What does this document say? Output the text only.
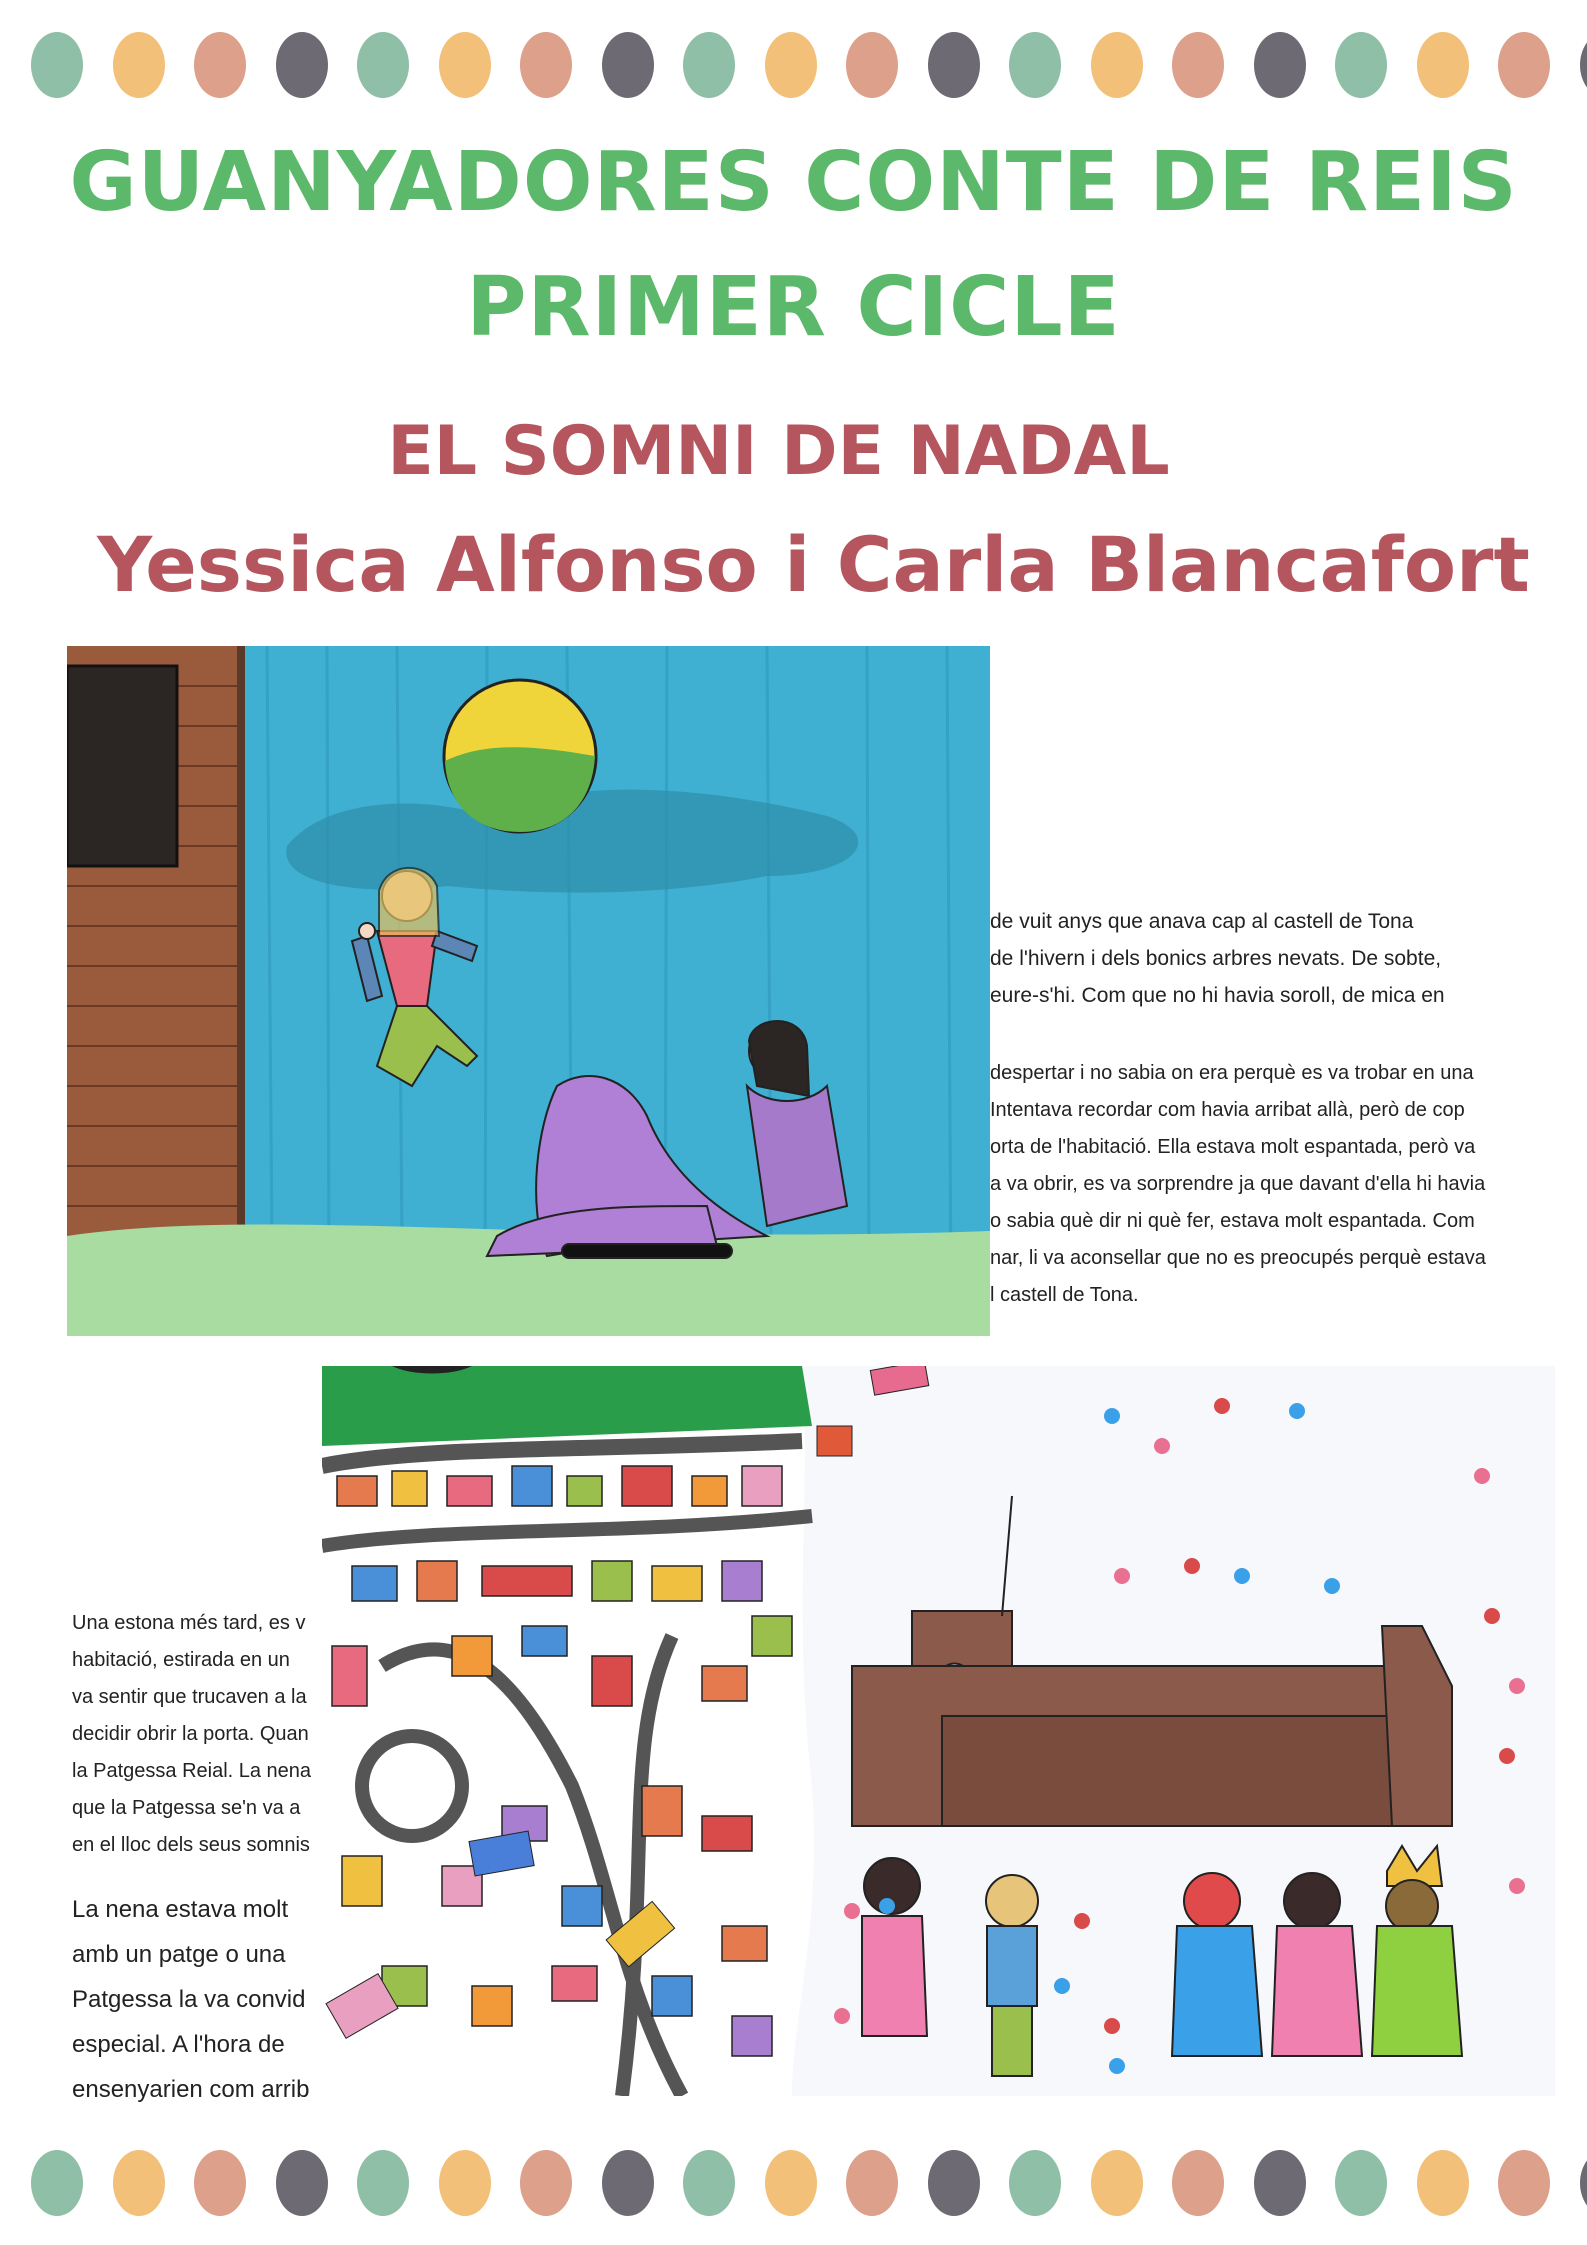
GUANYADORES CONTE DE REIS
PRIMER CICLE
EL SOMNI DE NADAL
Yessica Alfonso i Carla Blancafort
de vuit anys que anava cap al castell de Tona
de l'hivern i dels bonics arbres nevats. De sobte,
eure-s'hi. Com que no hi havia soroll, de mica en
despertar i no sabia on era perquè es va trobar en una
Intentava recordar com havia arribat allà, però de cop
orta de l'habitació. Ella estava molt espantada, però va
a va obrir, es va sorprendre ja que davant d'ella hi havia
o sabia què dir ni què fer, estava molt espantada. Com
nar, li va aconsellar que no es preocupés perquè estava
l castell de Tona.
Una estona més tard, es v
habitació, estirada en un
va sentir que trucaven a la
decidir obrir la porta. Quan
la Patgessa Reial. La nena
que la Patgessa se'n va a
en el lloc dels seus somnis
La nena estava molt
amb un patge o una
Patgessa la va convid
especial. A l'hora de
ensenyarien com arrib
